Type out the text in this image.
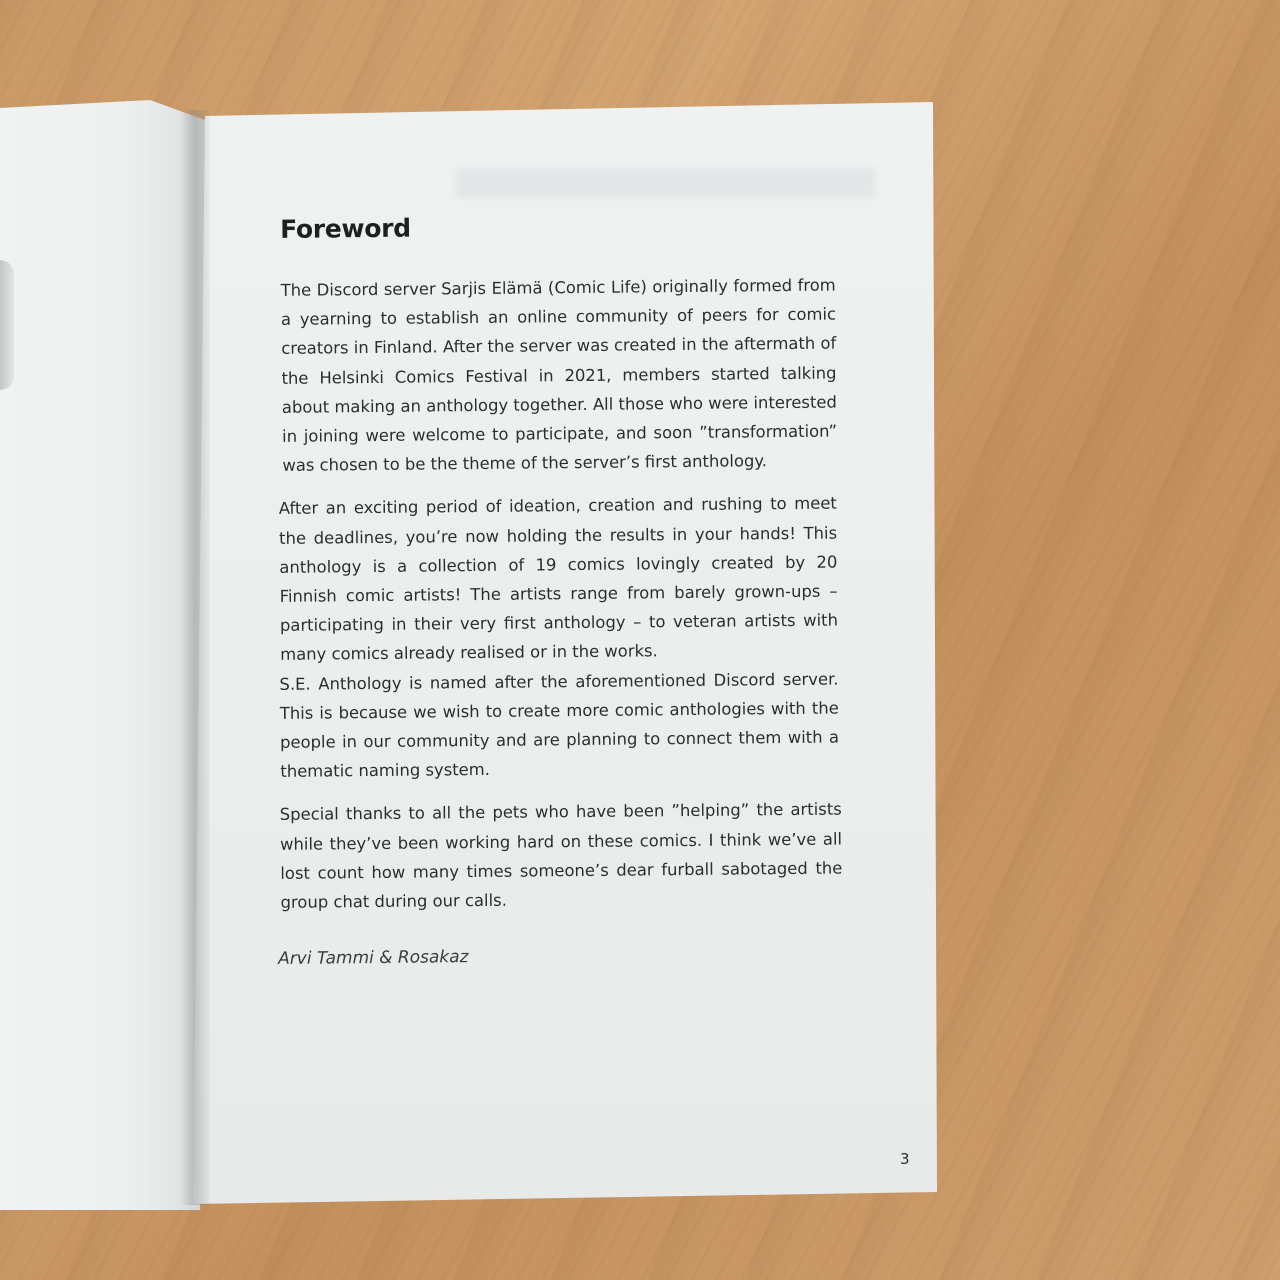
Foreword

The Discord server Sarjis Elämä (Comic Life) originally formed from a yearning to establish an online community of peers for comic creators in Finland. After the server was created in the aftermath of the Helsinki Comics Festival in 2021, members started talking about making an anthology together. All those who were interested in joining were welcome to participate, and soon ”transformation” was chosen to be the theme of the server’s first anthology.

After an exciting period of ideation, creation and rushing to meet the deadlines, you’re now holding the results in your hands! This anthology is a collection of 19 comics lovingly created by 20 Finnish comic artists! The artists range from barely grown-ups – participating in their very first anthology – to veteran artists with many comics already realised or in the works.

S.E. Anthology is named after the aforementioned Discord server. This is because we wish to create more comic anthologies with the people in our community and are planning to connect them with a thematic naming system.

Special thanks to all the pets who have been ”helping” the artists while they’ve been working hard on these comics. I think we’ve all lost count how many times someone’s dear furball sabotaged the group chat during our calls.

Arvi Tammi & Rosakaz

3
